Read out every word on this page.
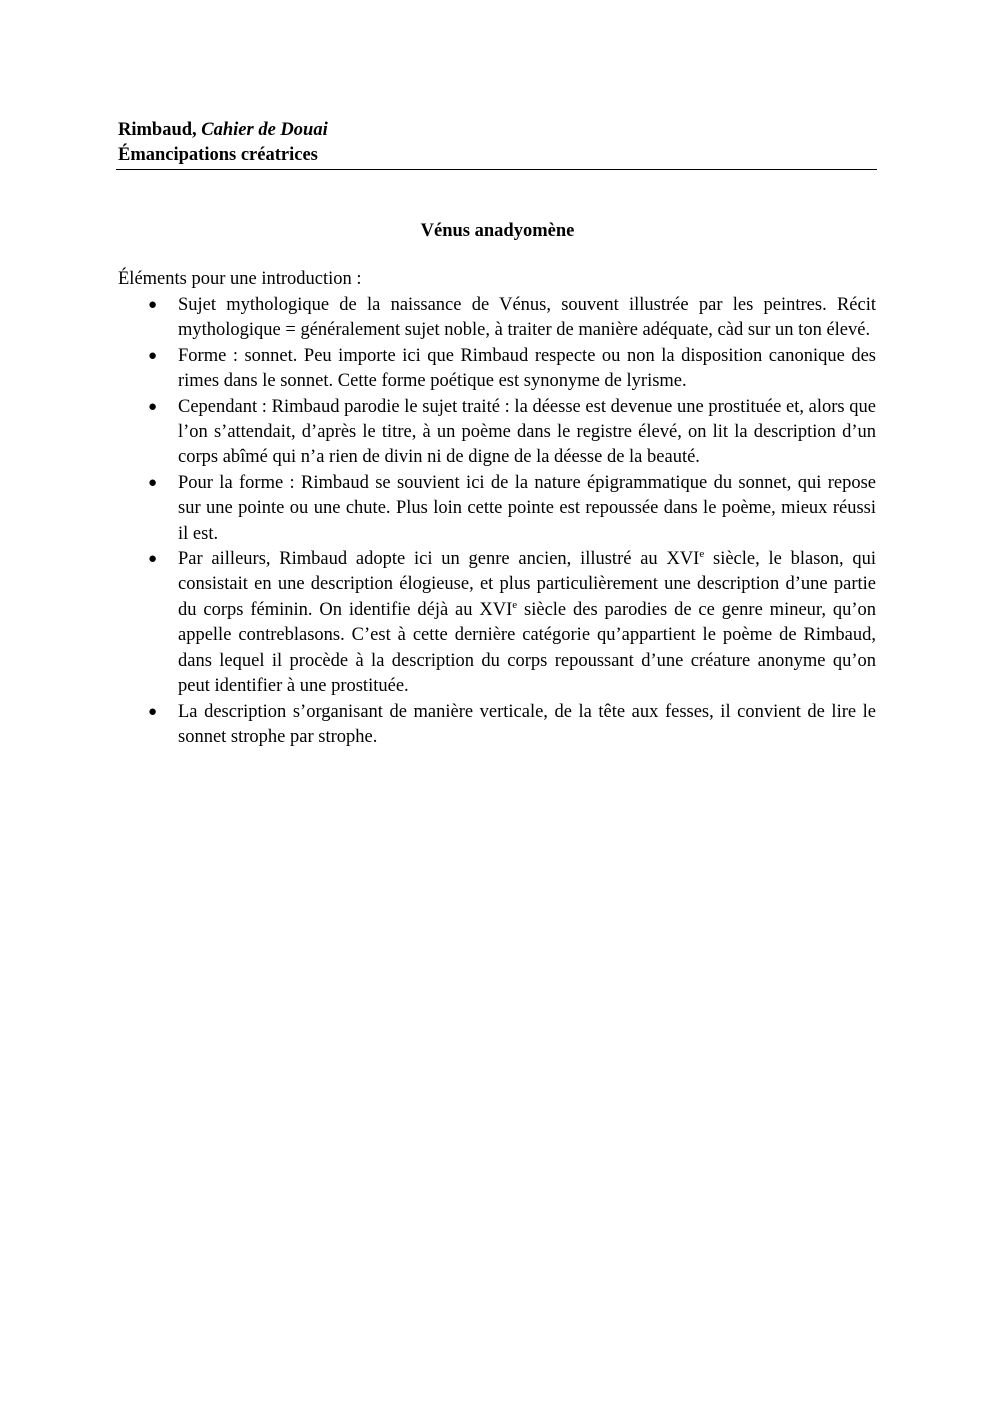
Rimbaud, Cahier de Douai
Émancipations créatrices
Vénus anadyomène
Éléments pour une introduction :
● Sujet mythologique de la naissance de Vénus, souvent illustrée par les peintres. Récit mythologique = généralement sujet noble, à traiter de manière adéquate, càd sur un ton élevé.
● Forme : sonnet. Peu importe ici que Rimbaud respecte ou non la disposition canonique des rimes dans le sonnet. Cette forme poétique est synonyme de lyrisme.
● Cependant : Rimbaud parodie le sujet traité : la déesse est devenue une prostituée et, alors que l’on s’attendait, d’après le titre, à un poème dans le registre élevé, on lit la description d’un corps abîmé qui n’a rien de divin ni de digne de la déesse de la beauté.
● Pour la forme : Rimbaud se souvient ici de la nature épigrammatique du sonnet, qui repose sur une pointe ou une chute. Plus loin cette pointe est repoussée dans le poème, mieux réussi il est.
● Par ailleurs, Rimbaud adopte ici un genre ancien, illustré au XVIe siècle, le blason, qui consistait en une description élogieuse, et plus particulièrement une description d’une partie du corps féminin. On identifie déjà au XVIe siècle des parodies de ce genre mineur, qu’on appelle contreblasons. C’est à cette dernière catégorie qu’appartient le poème de Rimbaud, dans lequel il procède à la description du corps repoussant d’une créature anonyme qu’on peut identifier à une prostituée.
● La description s’organisant de manière verticale, de la tête aux fesses, il convient de lire le sonnet strophe par strophe.
